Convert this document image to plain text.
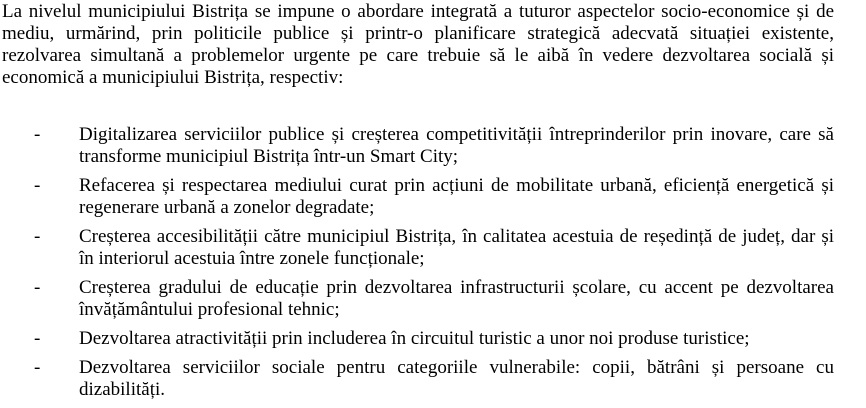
La nivelul municipiului Bistrița se impune o abordare integrată a tuturor aspectelor socio-economice și de mediu, urmărind, prin politicile publice și printr-o planificare strategică adecvată situației existente, rezolvarea simultană a problemelor urgente pe care trebuie să le aibă în vedere dezvoltarea socială și economică a municipiului Bistrița, respectiv:

- Digitalizarea serviciilor publice și creșterea competitivității întreprinderilor prin inovare, care să transforme municipiul Bistrița într-un Smart City;
- Refacerea și respectarea mediului curat prin acțiuni de mobilitate urbană, eficiență energetică și regenerare urbană a zonelor degradate;
- Creșterea accesibilității către municipiul Bistrița, în calitatea acestuia de reședință de județ, dar și în interiorul acestuia între zonele funcționale;
- Creșterea gradului de educație prin dezvoltarea infrastructurii școlare, cu accent pe dezvoltarea învățământului profesional tehnic;
- Dezvoltarea atractivității prin includerea în circuitul turistic a unor noi produse turistice;
- Dezvoltarea serviciilor sociale pentru categoriile vulnerabile: copii, bătrâni și persoane cu dizabilități.
